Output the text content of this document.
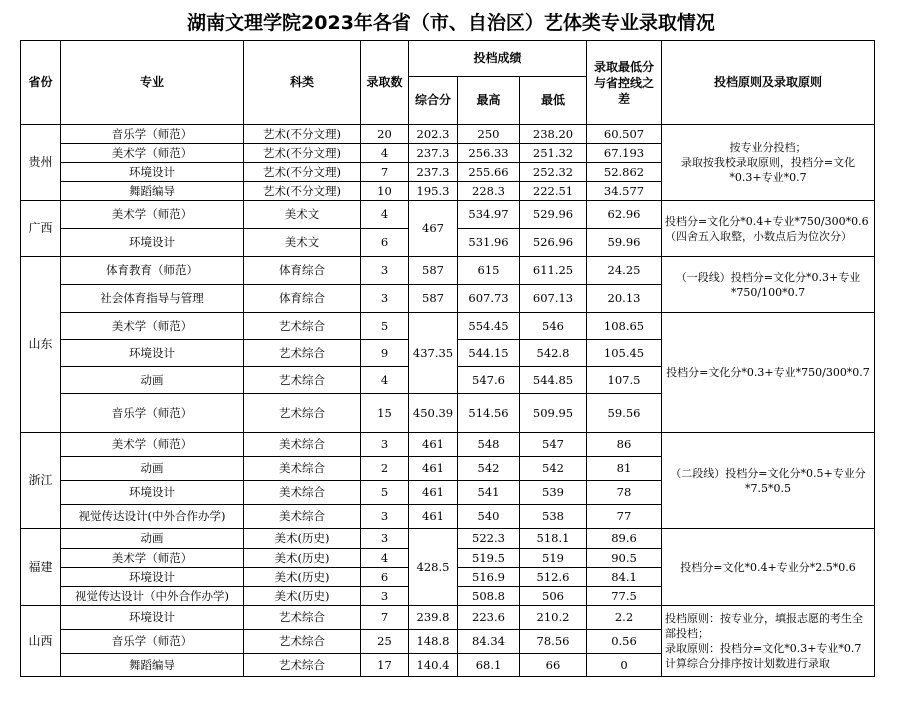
湖南文理学院2023年各省（市、自治区）艺体类专业录取情况
省份	专业	科类	录取数	投档成绩			录取最低分与省控线之差	投档原则及录取原则
				综合分	最高	最低		
贵州	音乐学（师范）	艺术(不分文理)	20	202.3	250	238.20	60.507	按专业分投档；
录取按我校录取原则，投档分=文化*0.3+专业*0.7
	美术学（师范）	艺术(不分文理)	4	237.3	256.33	251.32	67.193	
	环境设计	艺术(不分文理)	7	237.3	255.66	252.32	52.862	
	舞蹈编导	艺术(不分文理)	10	195.3	228.3	222.51	34.577	
广西	美术学（师范）	美术文	4	467	534.97	529.96	62.96	投档分=文化分*0.4+专业*750/300*0.6（四舍五入取整，小数点后为位次分）
	环境设计	美术文	6		531.96	526.96	59.96	
山东	体育教育（师范）	体育综合	3	587	615	611.25	24.25	（一段线）投档分=文化分*0.3+专业*750/100*0.7
	社会体育指导与管理	体育综合	3	587	607.73	607.13	20.13	
	美术学（师范）	艺术综合	5	437.35	554.45	546	108.65	投档分=文化分*0.3+专业*750/300*0.7
	环境设计	艺术综合	9		544.15	542.8	105.45	
	动画	艺术综合	4		547.6	544.85	107.5	
	音乐学（师范）	艺术综合	15	450.39	514.56	509.95	59.56	
浙江	美术学（师范）	美术综合	3	461	548	547	86	（二段线）投档分=文化分*0.5+专业分*7.5*0.5
	动画	美术综合	2	461	542	542	81	
	环境设计	美术综合	5	461	541	539	78	
	视觉传达设计(中外合作办学)	美术综合	3	461	540	538	77	
福建	动画	美术(历史)	3	428.5	522.3	518.1	89.6	投档分=文化*0.4+专业分*2.5*0.6
	美术学（师范）	美术(历史)	4		519.5	519	90.5	
	环境设计	美术(历史)	6		516.9	512.6	84.1	
	视觉传达设计（中外合作办学)	美术(历史)	3		508.8	506	77.5	
山西	环境设计	艺术综合	7	239.8	223.6	210.2	2.2	投档原则：按专业分，填报志愿的考生全部投档；
录取原则：投档分=文化*0.3+专业*0.7计算综合分排序按计划数进行录取
	音乐学（师范）	艺术综合	25	148.8	84.34	78.56	0.56	
	舞蹈编导	艺术综合	17	140.4	68.1	66	0	
